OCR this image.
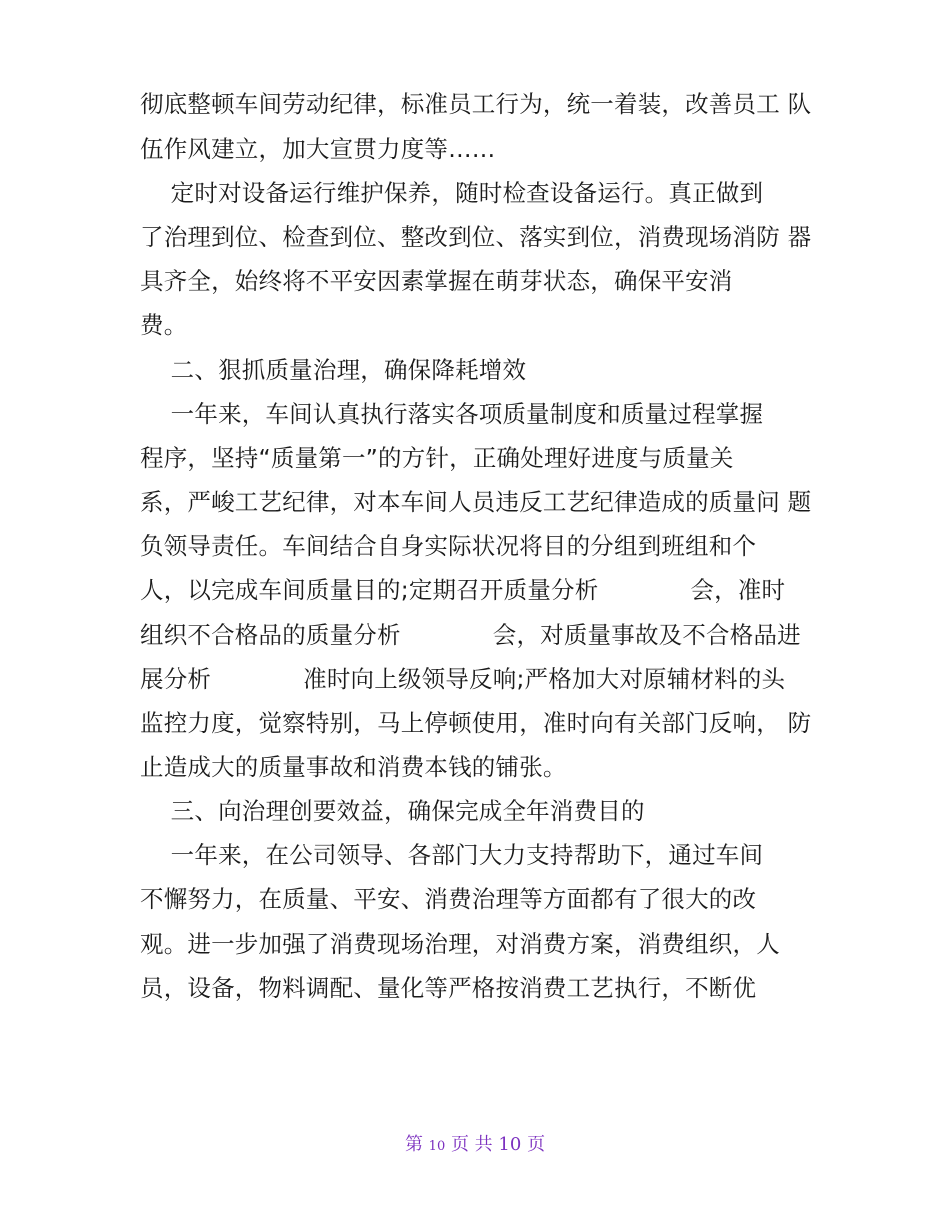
彻底整顿车间劳动纪律，标准员工行为，统一着装，改善员工 队
伍作风建立，加大宣贯力度等……
定时对设备运行维护保养，随时检查设备运行。真正做到
了治理到位、检查到位、整改到位、落实到位，消费现场消防 器
具齐全，始终将不平安因素掌握在萌芽状态，确保平安消
费。
二、狠抓质量治理，确保降耗增效
一年来，车间认真执行落实各项质量制度和质量过程掌握
程序，坚持“质量第一”的方针，正确处理好进度与质量关
系，严峻工艺纪律，对本车间人员违反工艺纪律造成的质量问 题
负领导责任。车间结合自身实际状况将目的分组到班组和个
人，以完成车间质量目的;定期召开质量分析            会，准时
组织不合格品的质量分析            会，对质量事故及不合格品进
展分析            准时向上级领导反响;严格加大对原辅材料的头
监控力度，觉察特别，马上停顿使用，准时向有关部门反响， 防
止造成大的质量事故和消费本钱的铺张。
三、向治理创要效益，确保完成全年消费目的
一年来，在公司领导、各部门大力支持帮助下，通过车间
不懈努力，在质量、平安、消费治理等方面都有了很大的改
观。进一步加强了消费现场治理，对消费方案，消费组织，人
员，设备，物料调配、量化等严格按消费工艺执行，不断优
第 10 页 共 10 页
